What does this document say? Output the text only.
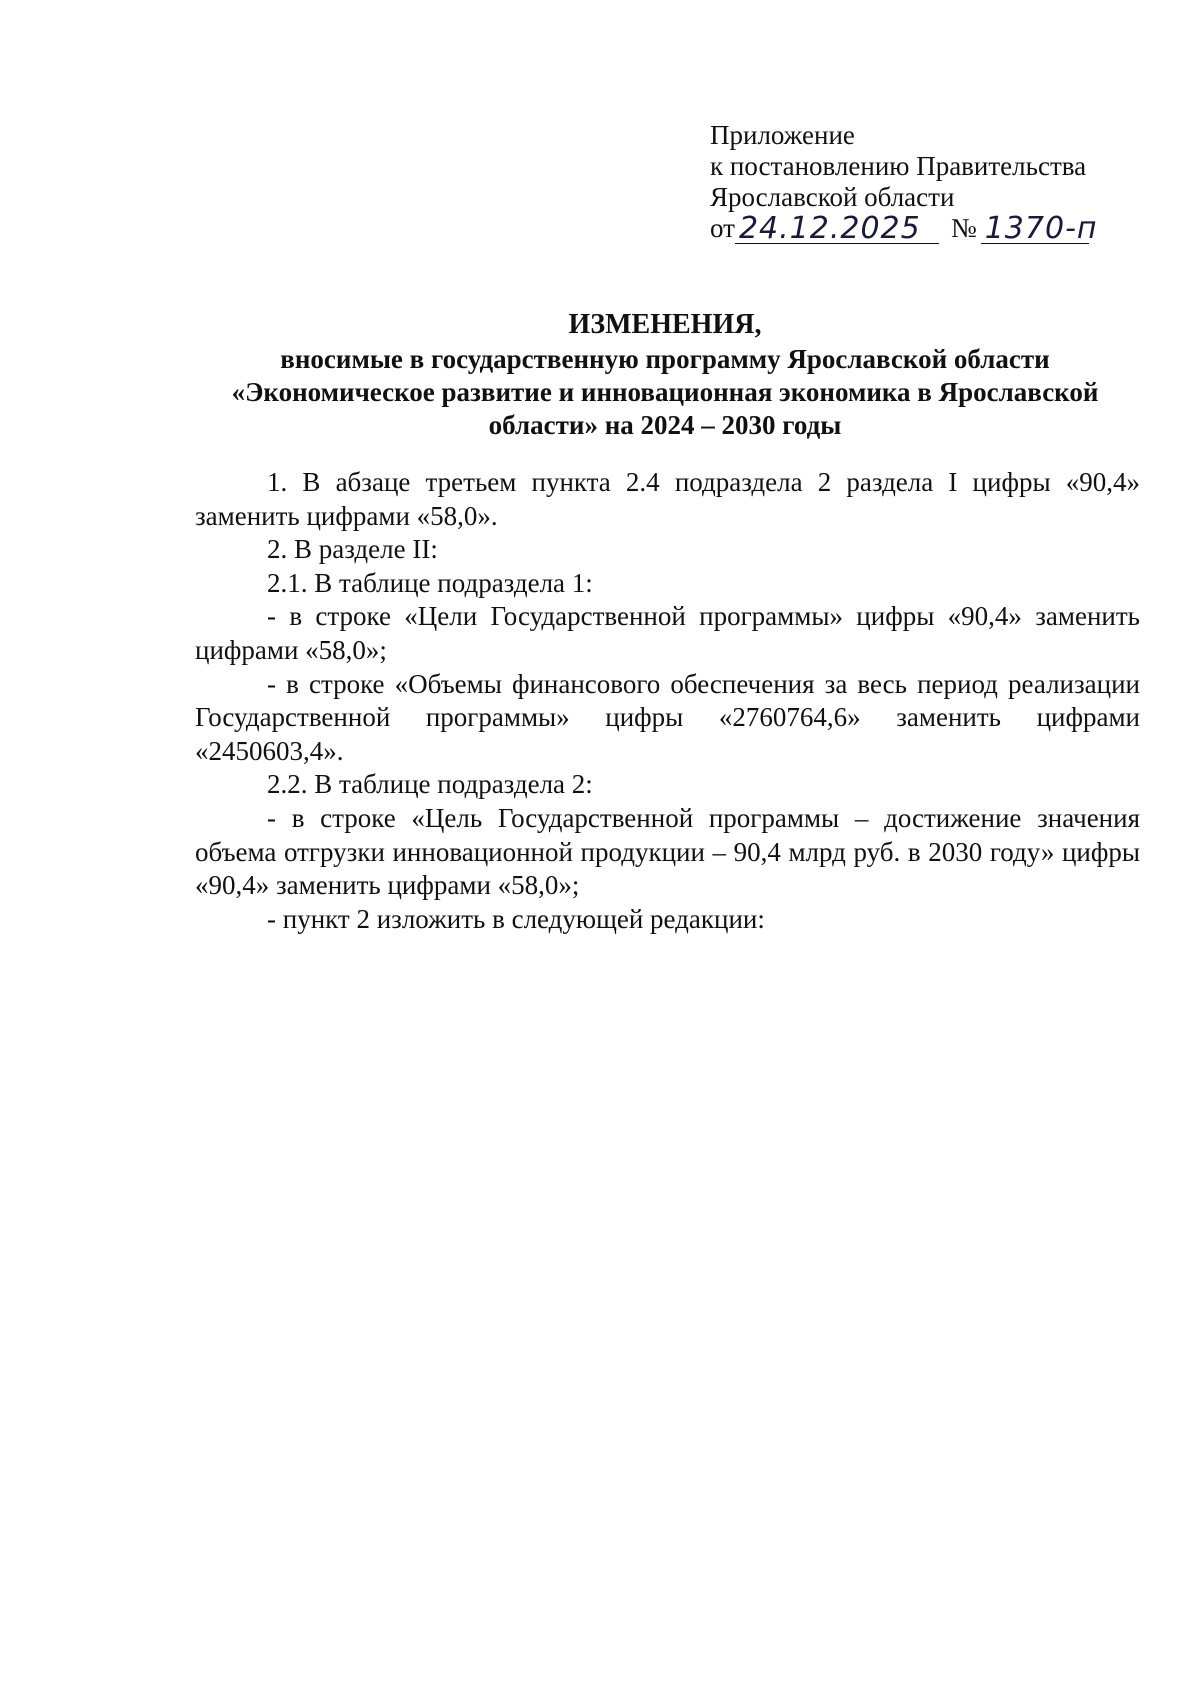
Приложение
к постановлению Правительства
Ярославской области
от 24.12.2025	№ 1370-п
ИЗМЕНЕНИЯ,
вносимые в государственную программу Ярославской области
«Экономическое развитие и инновационная экономика в Ярославской
области» на 2024 – 2030 годы

1. В абзаце третьем пункта 2.4 подраздела 2 раздела I цифры «90,4» заменить цифрами «58,0».

2. В разделе II:

2.1. В таблице подраздела 1:

- в строке «Цели Государственной программы» цифры «90,4» заменить цифрами «58,0»;

- в строке «Объемы финансового обеспечения за весь период реализации Государственной программы» цифры «2760764,6» заменить цифрами «2450603,4».

2.2. В таблице подраздела 2:

- в строке «Цель Государственной программы – достижение значения объема отгрузки инновационной продукции – 90,4 млрд руб. в 2030 году» цифры «90,4» заменить цифрами «58,0»;

- пункт 2 изложить в следующей редакции:
